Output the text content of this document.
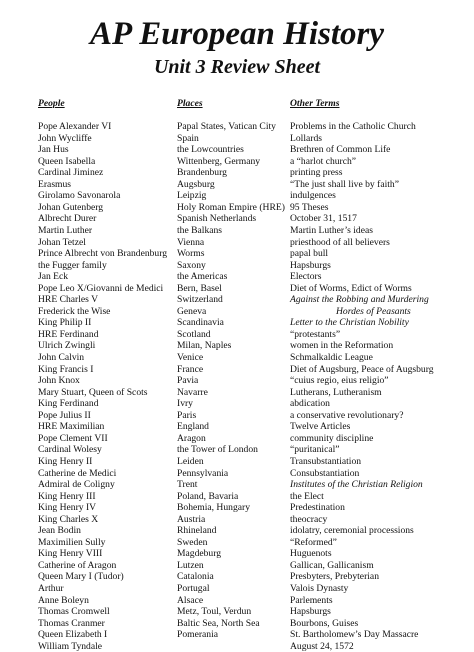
AP European History
Unit 3 Review Sheet
People
Pope Alexander VI
John Wycliffe
Jan Hus
Queen Isabella
Cardinal Jiminez
Erasmus
Girolamo Savonarola
Johan Gutenberg
Albrecht Durer
Martin Luther
Johan Tetzel
Prince Albrecht von Brandenburg
the Fugger family
Jan Eck
Pope Leo X/Giovanni de Medici
HRE Charles V
Frederick the Wise
King Philip II
HRE Ferdinand
Ulrich Zwingli
John Calvin
King Francis I
John Knox
Mary Stuart, Queen of Scots
King Ferdinand
Pope Julius II
HRE Maximilian
Pope Clement VII
Cardinal Wolesy
King Henry II
Catherine de Medici
Admiral de Coligny
King Henry III
King Henry IV
King Charles X
Jean Bodin
Maximilien Sully
King Henry VIII
Catherine of Aragon
Queen Mary I (Tudor)
Arthur
Anne Boleyn
Thomas Cromwell
Thomas Cranmer
Queen Elizabeth I
William Tyndale
Places
Papal States, Vatican City
Spain
the Lowcountries
Wittenberg, Germany
Brandenburg
Augsburg
Leipzig
Holy Roman Empire (HRE)
Spanish Netherlands
the Balkans
Vienna
Worms
Saxony
the Americas
Bern, Basel
Switzerland
Geneva
Scandinavia
Scotland
Milan, Naples
Venice
France
Pavia
Navarre
Ivry
Paris
England
Aragon
the Tower of London
Leiden
Pennsylvania
Trent
Poland, Bavaria
Bohemia, Hungary
Austria
Rhineland
Sweden
Magdeburg
Lutzen
Catalonia
Portugal
Alsace
Metz, Toul, Verdun
Baltic Sea, North Sea
Pomerania
Other Terms
Problems in the Catholic Church
Lollards
Brethren of Common Life
a “harlot church”
printing press
“The just shall live by faith”
indulgences
95 Theses
October 31, 1517
Martin Luther’s ideas
priesthood of all believers
papal bull
Hapsburgs
Electors
Diet of Worms, Edict of Worms
Against the Robbing and Murdering
Hordes of Peasants
Letter to the Christian Nobility
“protestants”
women in the Reformation
Schmalkaldic League
Diet of Augsburg, Peace of Augsburg
“cuius regio, eius religio”
Lutherans, Lutheranism
abdication
a conservative revolutionary?
Twelve Articles
community discipline
“puritanical”
Transubstantiation
Consubstantiation
Institutes of the Christian Religion
the Elect
Predestination
theocracy
idolatry, ceremonial processions
“Reformed”
Huguenots
Gallican, Gallicanism
Presbyters, Prebyterian
Valois Dynasty
Parlements
Hapsburgs
Bourbons, Guises
St. Bartholomew’s Day Massacre
August 24, 1572
